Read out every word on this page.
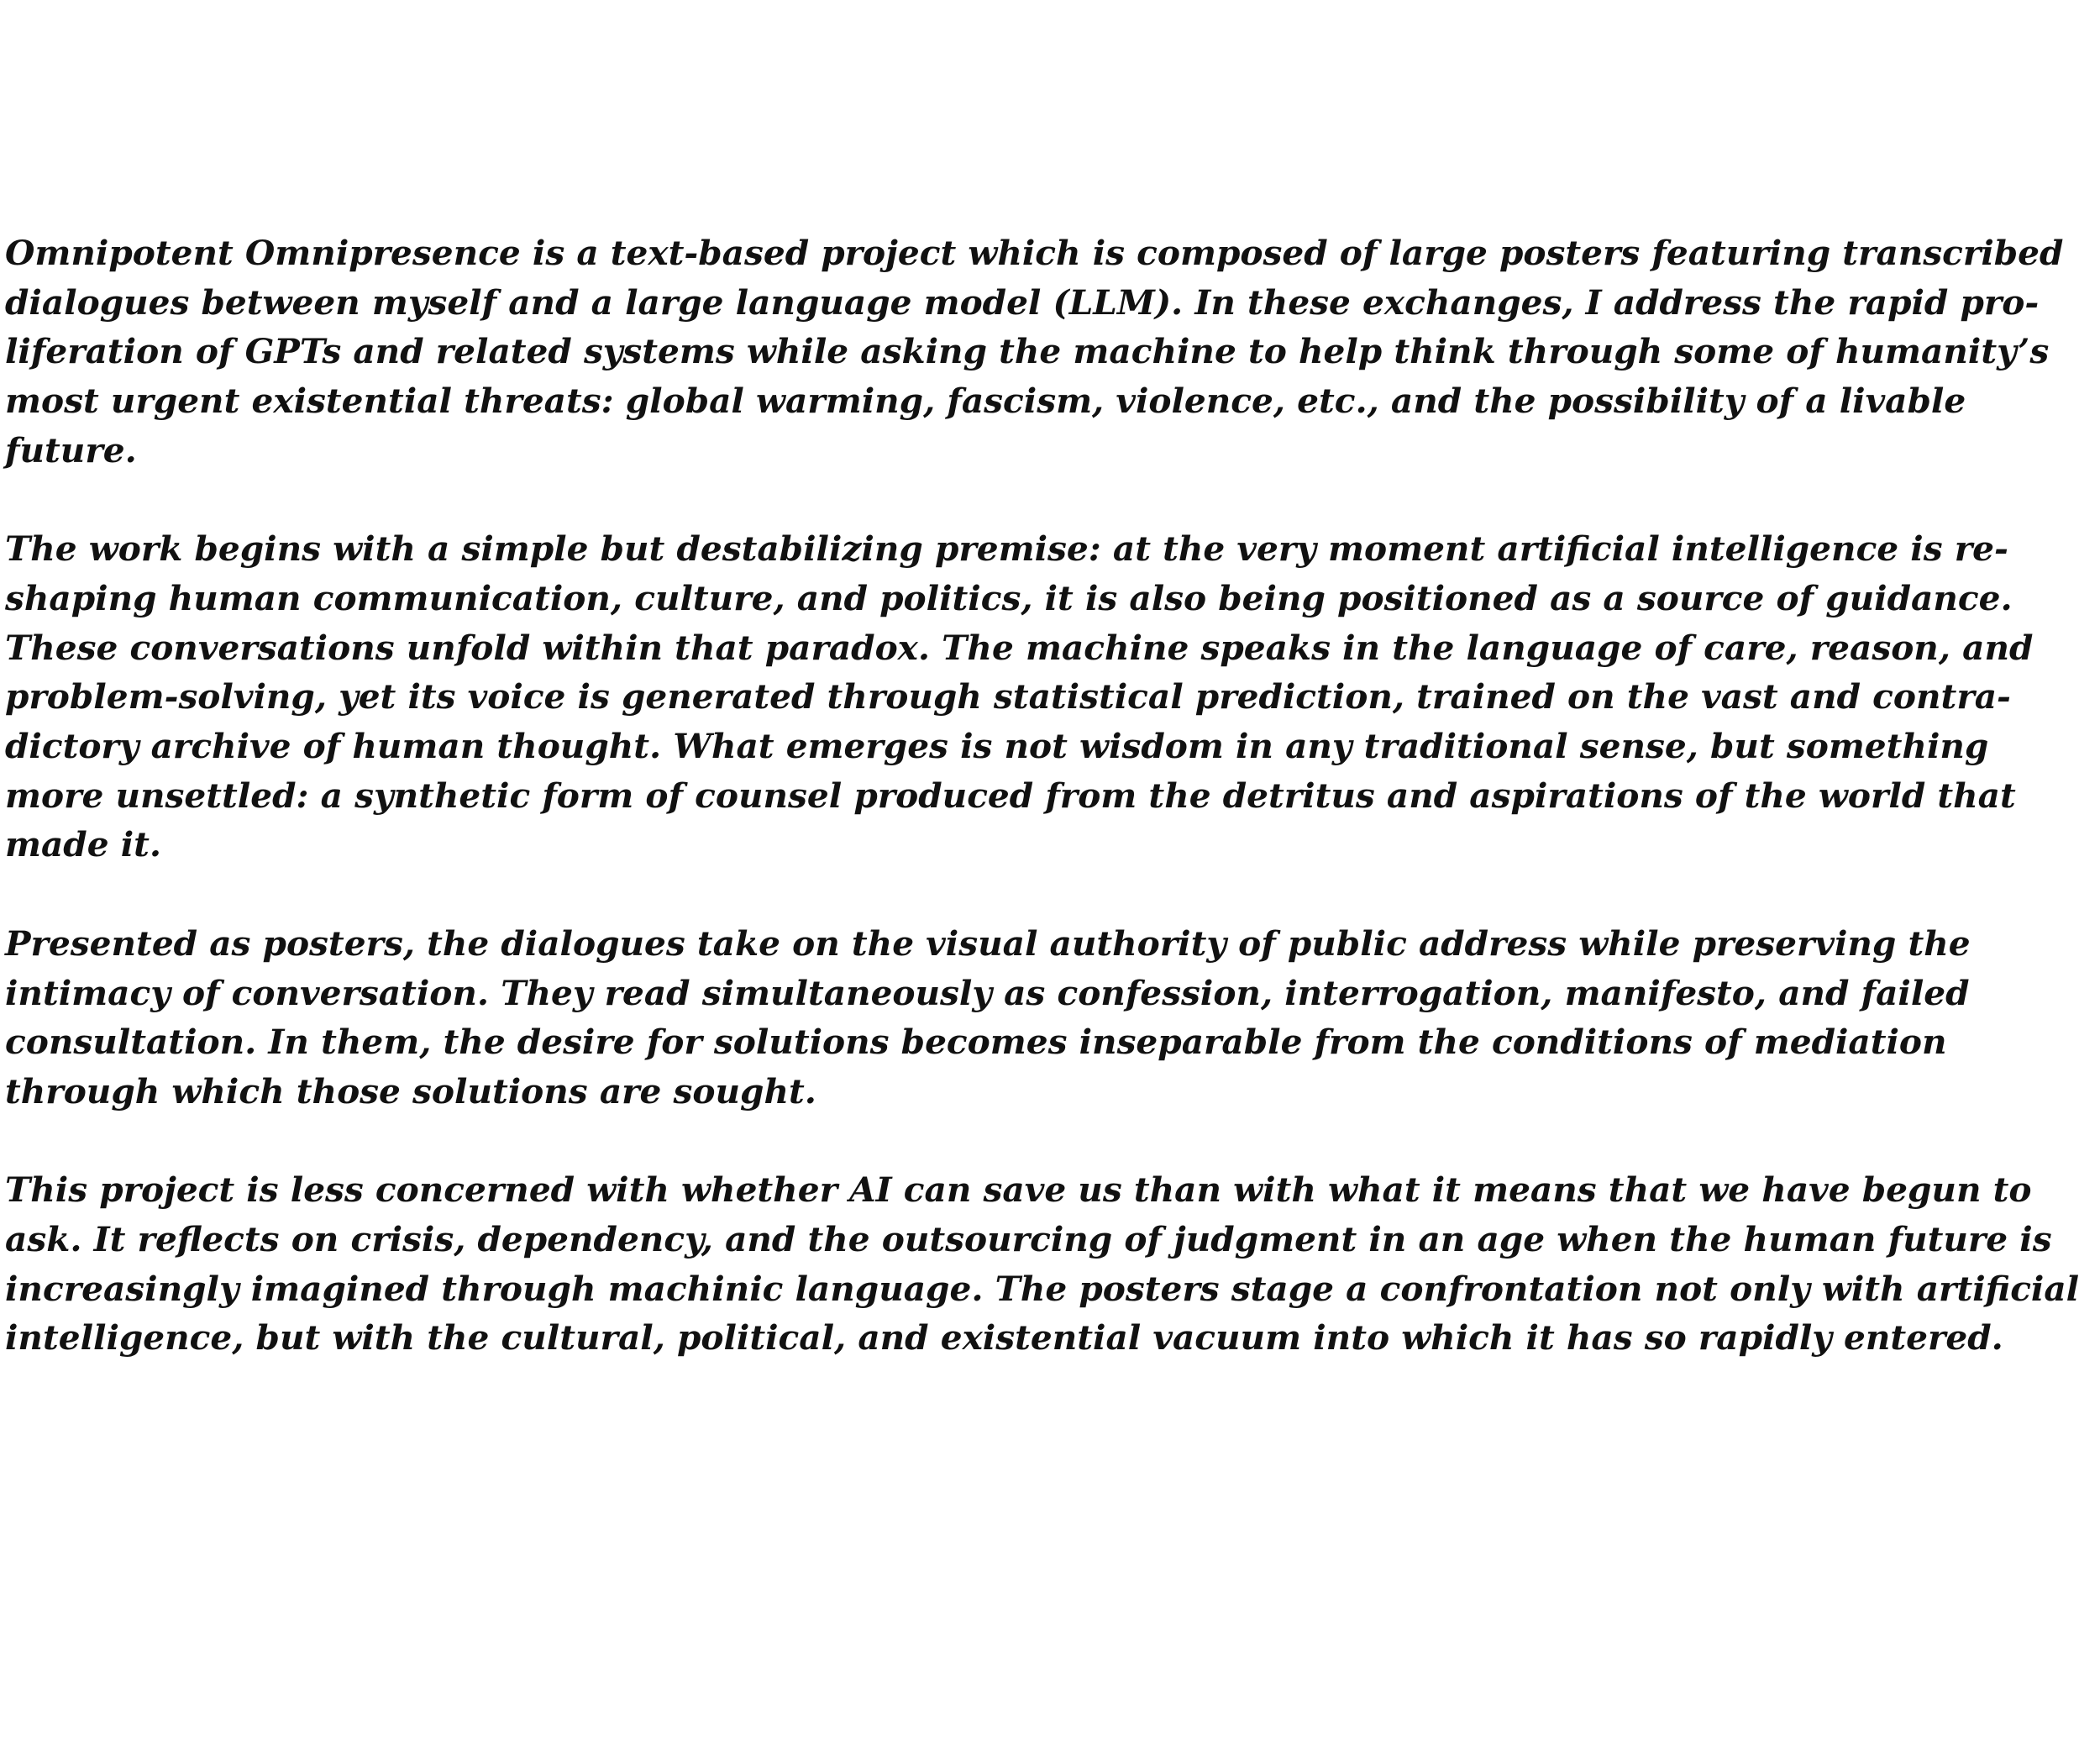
Omnipotent Omnipresence is a text-based project which is composed of large posters featuring transcribed
dialogues between myself and a large language model (LLM). In these exchanges, I address the rapid pro-
liferation of GPTs and related systems while asking the machine to help think through some of humanity’s
most urgent existential threats: global warming, fascism, violence, etc., and the possibility of a livable
future.

The work begins with a simple but destabilizing premise: at the very moment artificial intelligence is re-
shaping human communication, culture, and politics, it is also being positioned as a source of guidance.
These conversations unfold within that paradox. The machine speaks in the language of care, reason, and
problem-solving, yet its voice is generated through statistical prediction, trained on the vast and contra-
dictory archive of human thought. What emerges is not wisdom in any traditional sense, but something
more unsettled: a synthetic form of counsel produced from the detritus and aspirations of the world that
made it.

Presented as posters, the dialogues take on the visual authority of public address while preserving the
intimacy of conversation. They read simultaneously as confession, interrogation, manifesto, and failed
consultation. In them, the desire for solutions becomes inseparable from the conditions of mediation
through which those solutions are sought.

This project is less concerned with whether AI can save us than with what it means that we have begun to
ask. It reflects on crisis, dependency, and the outsourcing of judgment in an age when the human future is
increasingly imagined through machinic language. The posters stage a confrontation not only with artificial
intelligence, but with the cultural, political, and existential vacuum into which it has so rapidly entered.
